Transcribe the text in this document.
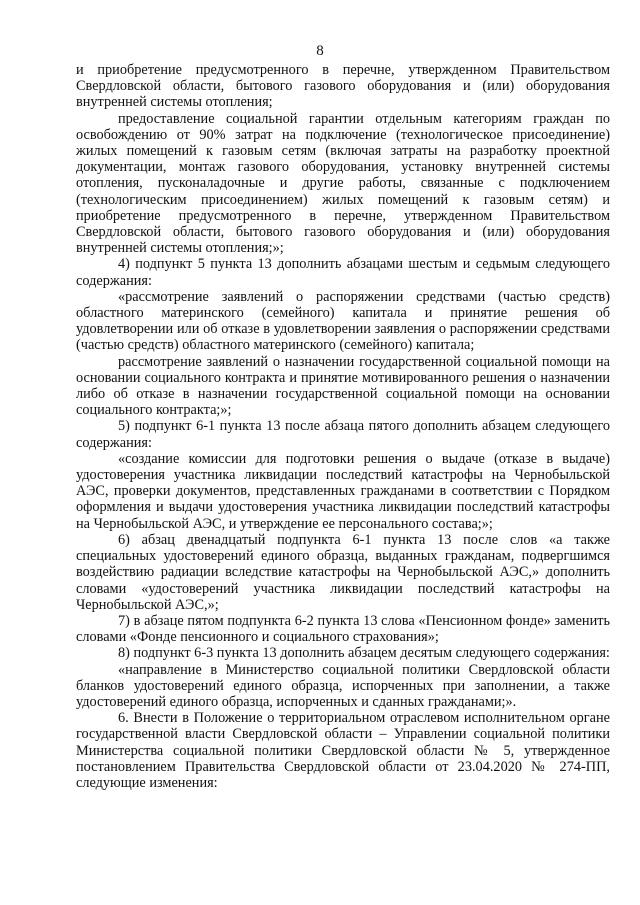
8

и приобретение предусмотренного в перечне, утвержденном Правительством Свердловской области, бытового газового оборудования и (или) оборудования внутренней системы отопления;

предоставление социальной гарантии отдельным категориям граждан по освобождению от 90% затрат на подключение (технологическое присоединение) жилых помещений к газовым сетям (включая затраты на разработку проектной документации, монтаж газового оборудования, установку внутренней системы отопления, пусконаладочные и другие работы, связанные с подключением (технологическим присоединением) жилых помещений к газовым сетям) и приобретение предусмотренного в перечне, утвержденном Правительством Свердловской области, бытового газового оборудования и (или) оборудования внутренней системы отопления;»;

4) подпункт 5 пункта 13 дополнить абзацами шестым и седьмым следующего содержания:

«рассмотрение заявлений о распоряжении средствами (частью средств) областного материнского (семейного) капитала и принятие решения об удовлетворении или об отказе в удовлетворении заявления о распоряжении средствами (частью средств) областного материнского (семейного) капитала;

рассмотрение заявлений о назначении государственной социальной помощи на основании социального контракта и принятие мотивированного решения о назначении либо об отказе в назначении государственной социальной помощи на основании социального контракта;»;

5) подпункт 6-1 пункта 13 после абзаца пятого дополнить абзацем следующего содержания:

«создание комиссии для подготовки решения о выдаче (отказе в выдаче) удостоверения участника ликвидации последствий катастрофы на Чернобыльской АЭС, проверки документов, представленных гражданами в соответствии с Порядком оформления и выдачи удостоверения участника ликвидации последствий катастрофы на Чернобыльской АЭС, и утверждение ее персонального состава;»;

6) абзац двенадцатый подпункта 6-1 пункта 13 после слов «а также специальных удостоверений единого образца, выданных гражданам, подвергшимся воздействию радиации вследствие катастрофы на Чернобыльской АЭС,» дополнить словами «удостоверений участника ликвидации последствий катастрофы на Чернобыльской АЭС,»;

7) в абзаце пятом подпункта 6-2 пункта 13 слова «Пенсионном фонде» заменить словами «Фонде пенсионного и социального страхования»;

8) подпункт 6-3 пункта 13 дополнить абзацем десятым следующего содержания:

«направление в Министерство социальной политики Свердловской области бланков удостоверений единого образца, испорченных при заполнении, а также удостоверений единого образца, испорченных и сданных гражданами;».

6. Внести в Положение о территориальном отраслевом исполнительном органе государственной власти Свердловской области – Управлении социальной политики Министерства социальной политики Свердловской области № 5, утвержденное постановлением Правительства Свердловской области от 23.04.2020 № 274-ПП, следующие изменения:
